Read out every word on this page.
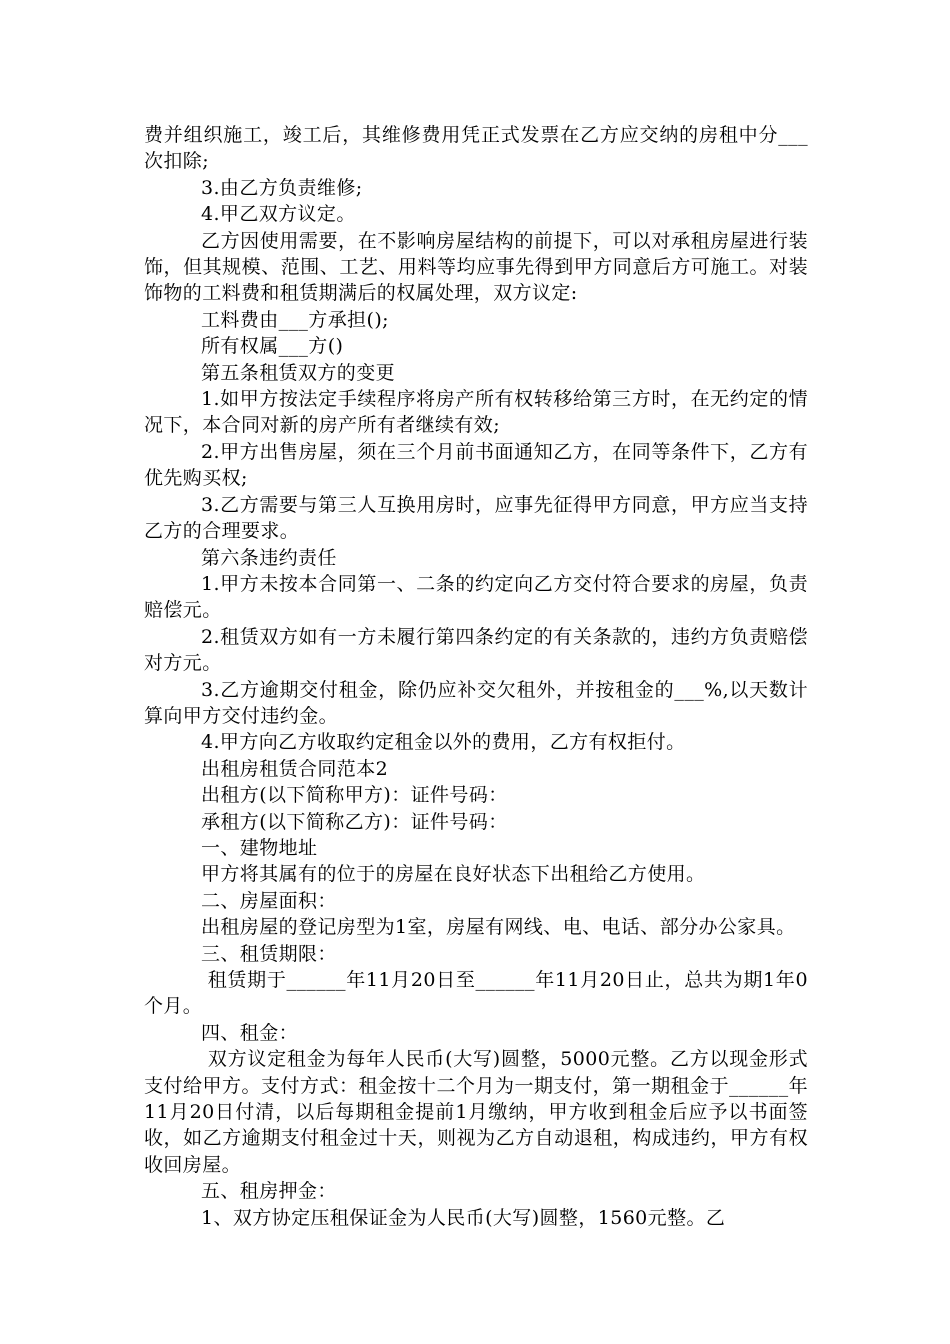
费并组织施工，竣工后，其维修费用凭正式发票在乙方应交纳的房租中分___次扣除;

3.由乙方负责维修;

4.甲乙双方议定。

乙方因使用需要，在不影响房屋结构的前提下，可以对承租房屋进行装饰，但其规模、范围、工艺、用料等均应事先得到甲方同意后方可施工。对装饰物的工料费和租赁期满后的权属处理，双方议定:

工料费由___方承担();

所有权属___方()

第五条租赁双方的变更

1.如甲方按法定手续程序将房产所有权转移给第三方时，在无约定的情况下，本合同对新的房产所有者继续有效;

2.甲方出售房屋，须在三个月前书面通知乙方，在同等条件下，乙方有优先购买权;

3.乙方需要与第三人互换用房时，应事先征得甲方同意，甲方应当支持乙方的合理要求。

第六条违约责任

1.甲方未按本合同第一、二条的约定向乙方交付符合要求的房屋，负责赔偿元。

2.租赁双方如有一方未履行第四条约定的有关条款的，违约方负责赔偿对方元。

3.乙方逾期交付租金，除仍应补交欠租外，并按租金的___%,以天数计算向甲方交付违约金。

4.甲方向乙方收取约定租金以外的费用，乙方有权拒付。

出租房租赁合同范本2

出租方(以下简称甲方)：证件号码：

承租方(以下简称乙方)：证件号码：

一、建物地址

甲方将其属有的位于的房屋在良好状态下出租给乙方使用。

二、房屋面积：

出租房屋的登记房型为1室，房屋有网线、电、电话、部分办公家具。

三、租赁期限：

租赁期于______年11月20日至______年11月20日止，总共为期1年0个月。

四、租金：

双方议定租金为每年人民币(大写)圆整，5000元整。乙方以现金形式支付给甲方。支付方式：租金按十二个月为一期支付，第一期租金于______年11月20日付清，以后每期租金提前1月缴纳，甲方收到租金后应予以书面签收，如乙方逾期支付租金过十天，则视为乙方自动退租，构成违约，甲方有权收回房屋。

五、租房押金：

1、双方协定压租保证金为人民币(大写)圆整，1560元整。乙
